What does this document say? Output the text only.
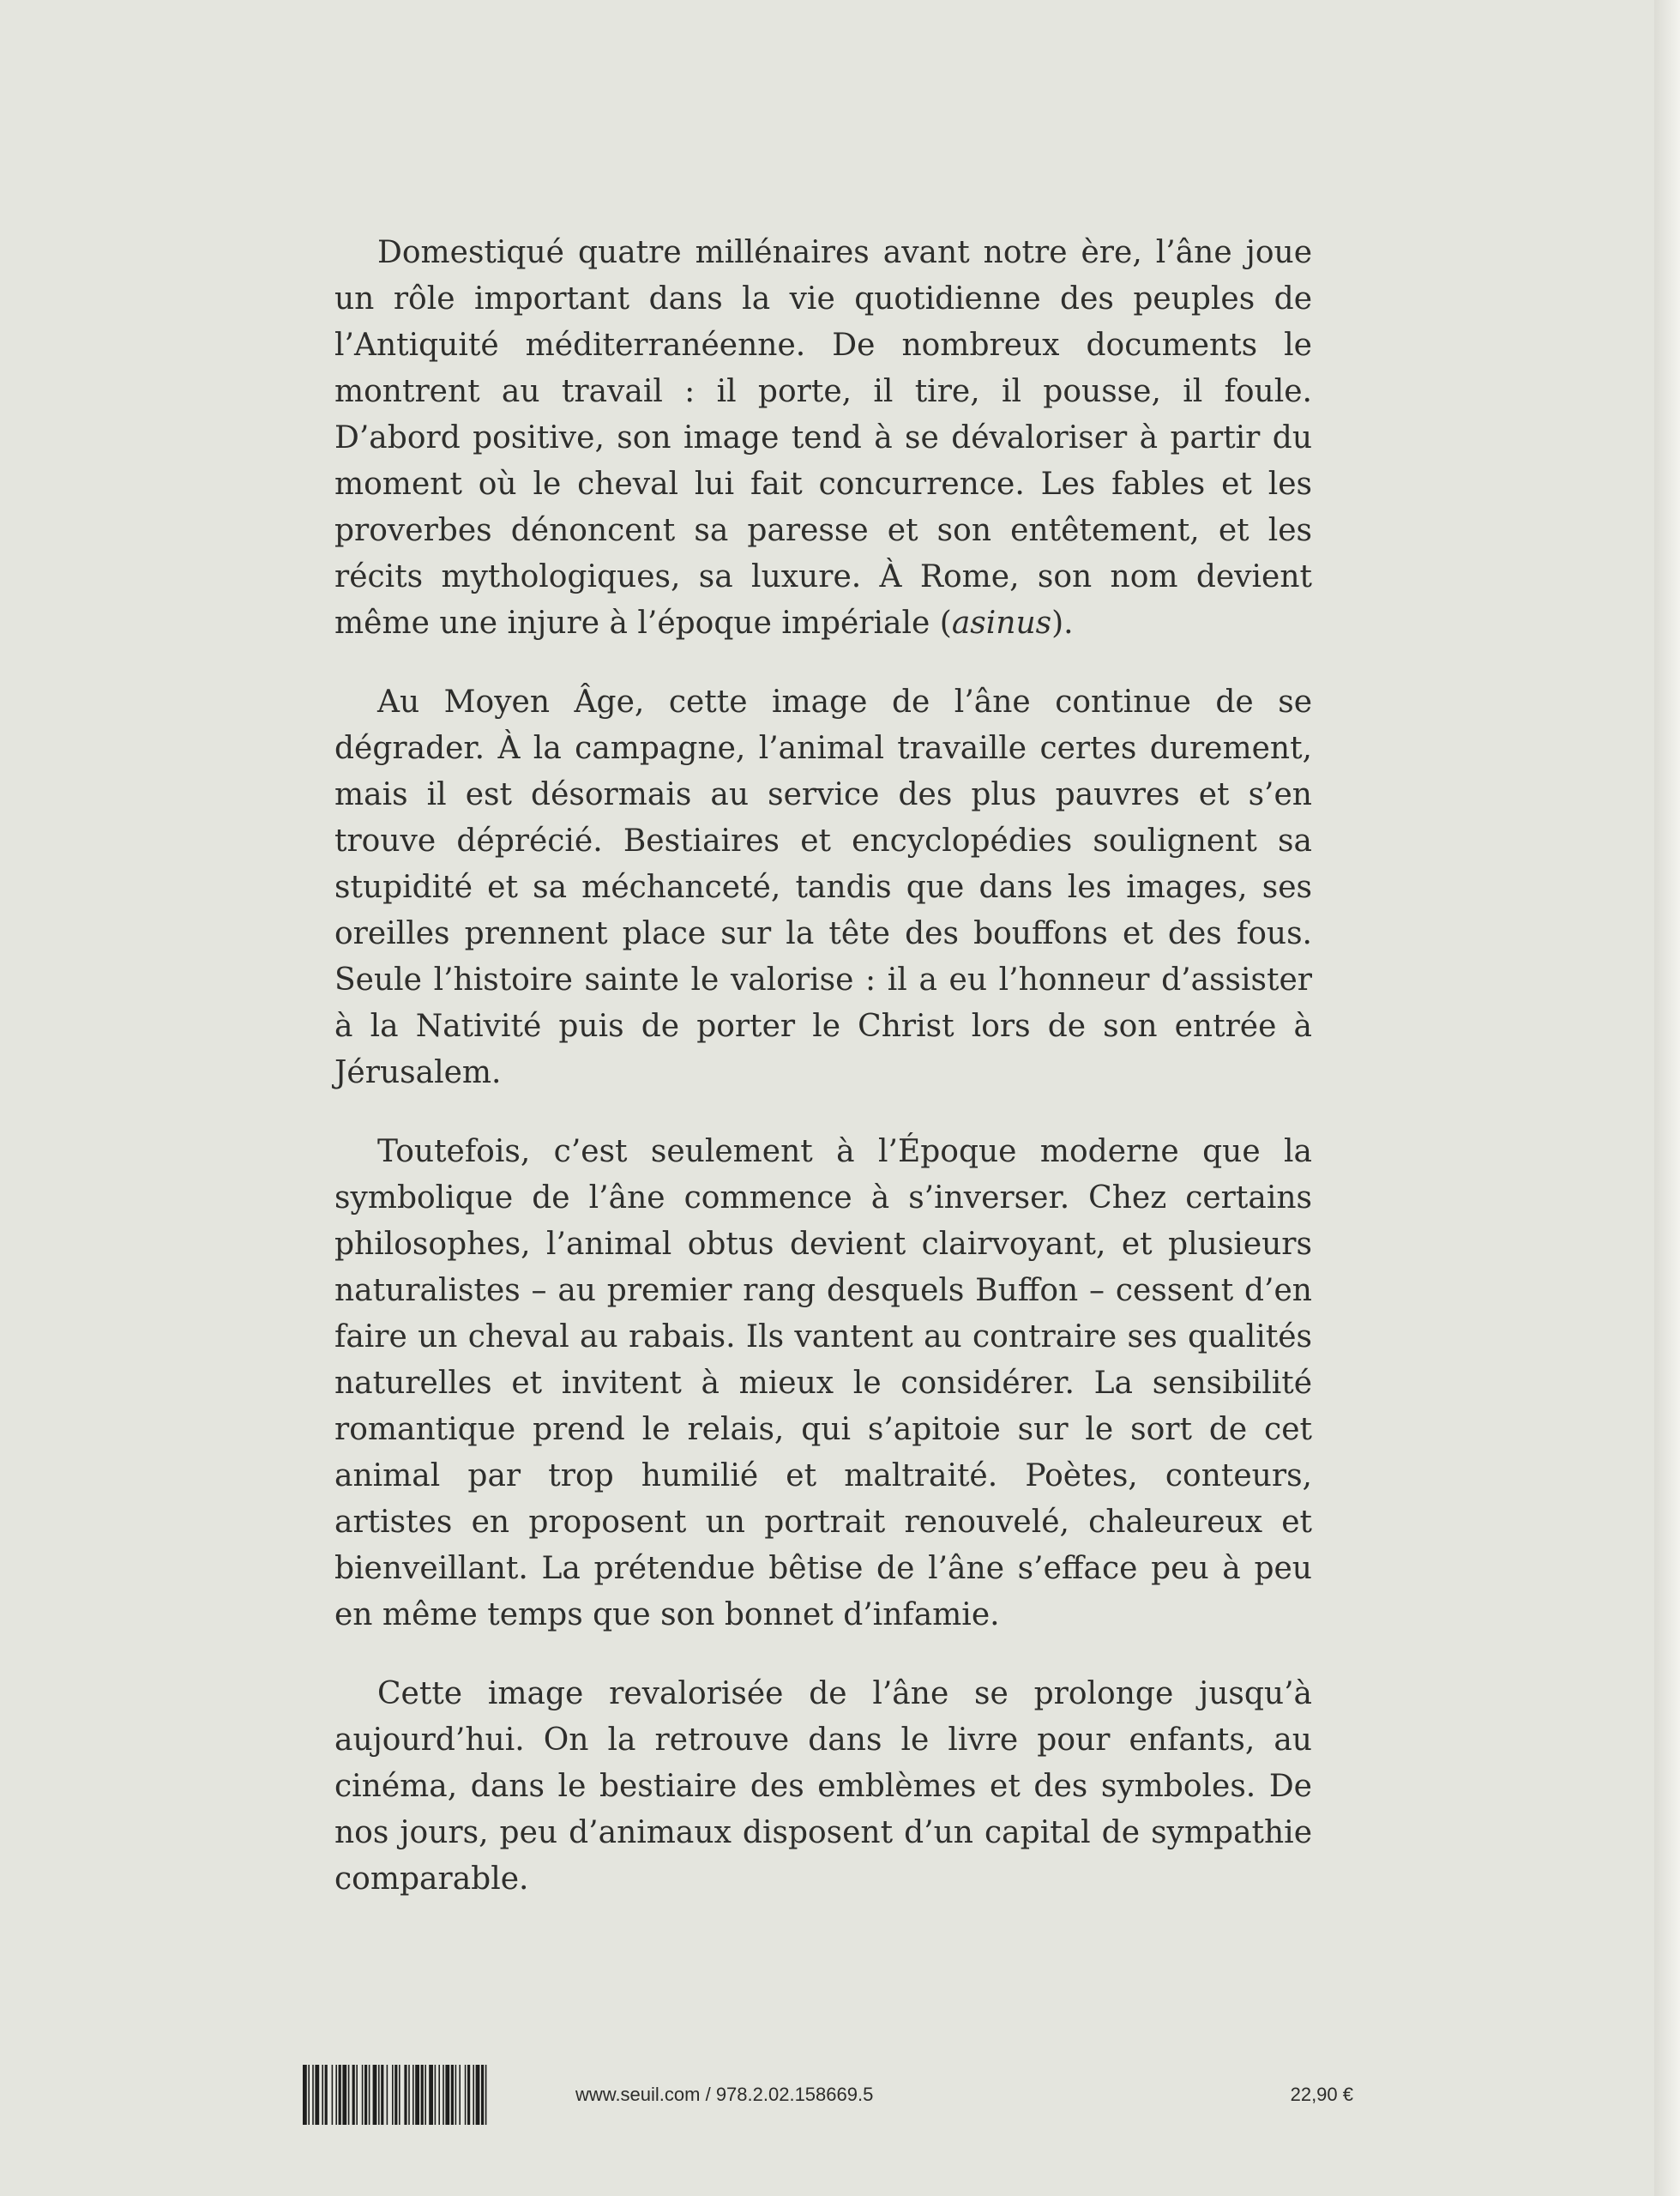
Domestiqué quatre millénaires avant notre ère, l’âne joue un rôle important dans la vie quotidienne des peuples de l’Antiquité méditerranéenne. De nombreux documents le montrent au travail : il porte, il tire, il pousse, il foule. D’abord positive, son image tend à se dévaloriser à partir du moment où le cheval lui fait concurrence. Les fables et les proverbes dénoncent sa paresse et son entêtement, et les récits mythologiques, sa luxure. À Rome, son nom devient même une injure à l’époque impériale (asinus).

Au Moyen Âge, cette image de l’âne continue de se dégrader. À la campagne, l’animal travaille certes durement, mais il est désormais au service des plus pauvres et s’en trouve déprécié. Bestiaires et encyclopédies soulignent sa stupidité et sa méchanceté, tandis que dans les images, ses oreilles prennent place sur la tête des bouffons et des fous. Seule l’histoire sainte le valorise : il a eu l’honneur d’assister à la Nativité puis de porter le Christ lors de son entrée à Jérusalem.

Toutefois, c’est seulement à l’Époque moderne que la symbolique de l’âne commence à s’inverser. Chez certains philosophes, l’animal obtus devient clairvoyant, et plusieurs naturalistes – au premier rang desquels Buffon – cessent d’en faire un cheval au rabais. Ils vantent au contraire ses qualités naturelles et invitent à mieux le considérer. La sensibilité romantique prend le relais, qui s’apitoie sur le sort de cet animal par trop humilié et maltraité. Poètes, conteurs, artistes en proposent un portrait renouvelé, chaleureux et bienveillant. La prétendue bêtise de l’âne s’efface peu à peu en même temps que son bonnet d’infamie.

Cette image revalorisée de l’âne se prolonge jusqu’à aujourd’hui. On la retrouve dans le livre pour enfants, au cinéma, dans le bestiaire des emblèmes et des symboles. De nos jours, peu d’animaux disposent d’un capital de sympathie comparable.

www.seuil.com / 978.2.02.158669.5	22,90 €
